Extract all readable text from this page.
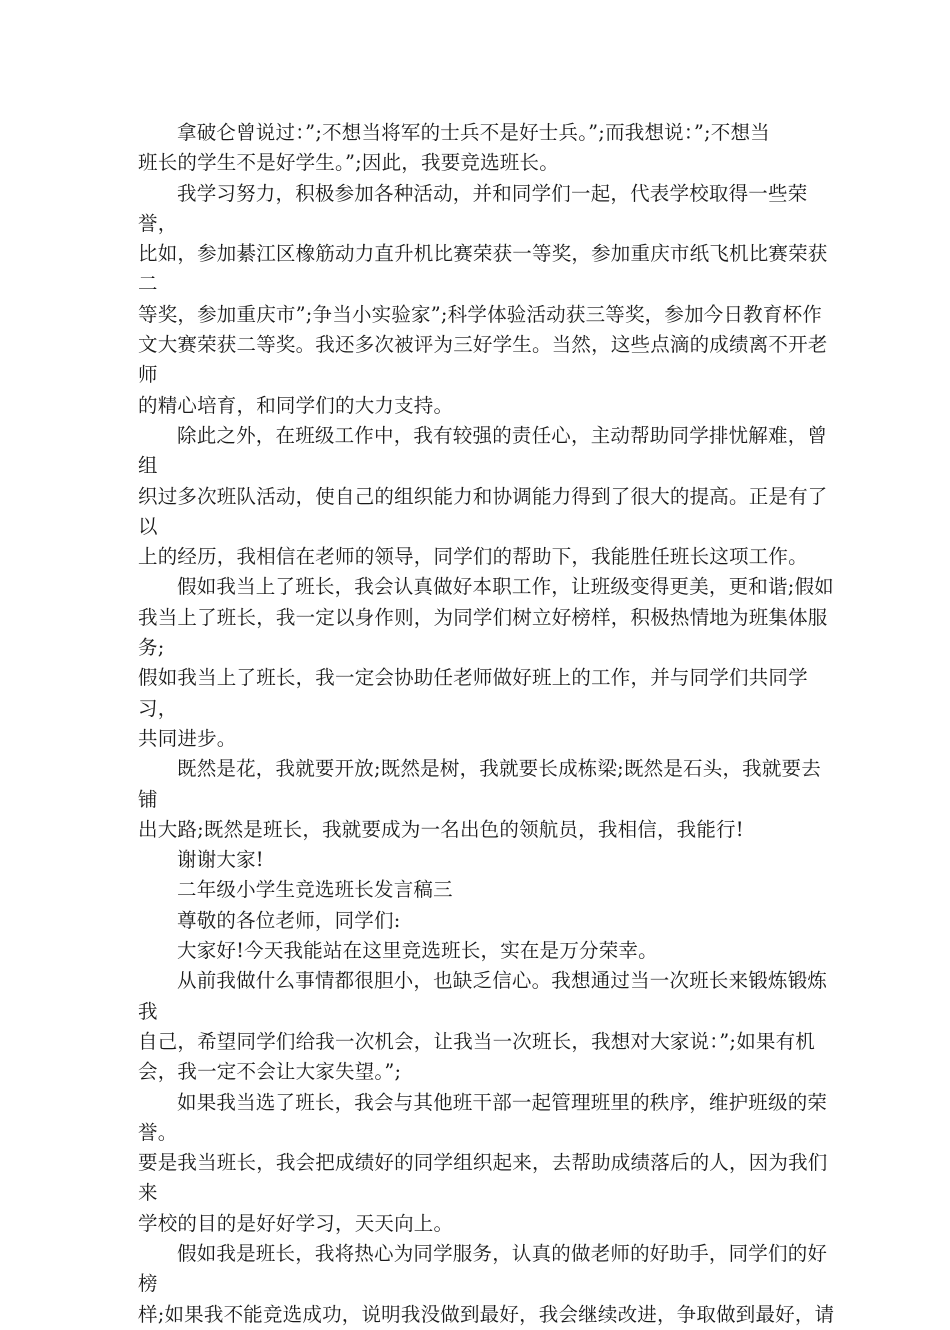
拿破仑曾说过：”;不想当将军的士兵不是好士兵。”;而我想说：”;不想当
班长的学生不是好学生。”;因此，我要竞选班长。

我学习努力，积极参加各种活动，并和同学们一起，代表学校取得一些荣誉，
比如，参加綦江区橡筋动力直升机比赛荣获一等奖，参加重庆市纸飞机比赛荣获二
等奖，参加重庆市”;争当小实验家”;科学体验活动获三等奖，参加今日教育杯作
文大赛荣获二等奖。我还多次被评为三好学生。当然，这些点滴的成绩离不开老师
的精心培育，和同学们的大力支持。

除此之外，在班级工作中，我有较强的责任心，主动帮助同学排忧解难，曾组
织过多次班队活动，使自己的组织能力和协调能力得到了很大的提高。正是有了以
上的经历，我相信在老师的领导，同学们的帮助下，我能胜任班长这项工作。

假如我当上了班长，我会认真做好本职工作，让班级变得更美，更和谐;假如
我当上了班长，我一定以身作则，为同学们树立好榜样，积极热情地为班集体服务;
假如我当上了班长，我一定会协助任老师做好班上的工作，并与同学们共同学习，
共同进步。

既然是花，我就要开放;既然是树，我就要长成栋梁;既然是石头，我就要去铺
出大路;既然是班长，我就要成为一名出色的领航员，我相信，我能行!

谢谢大家!

二年级小学生竞选班长发言稿三

尊敬的各位老师，同学们:

大家好!今天我能站在这里竞选班长，实在是万分荣幸。

从前我做什么事情都很胆小，也缺乏信心。我想通过当一次班长来锻炼锻炼我
自己，希望同学们给我一次机会，让我当一次班长，我想对大家说：”;如果有机
会，我一定不会让大家失望。”;

如果我当选了班长，我会与其他班干部一起管理班里的秩序，维护班级的荣誉。
要是我当班长，我会把成绩好的同学组织起来，去帮助成绩落后的人，因为我们来
学校的目的是好好学习，天天向上。

假如我是班长，我将热心为同学服务，认真的做老师的好助手，同学们的好榜
样;如果我不能竞选成功，说明我没做到最好，我会继续改进，争取做到最好，请
